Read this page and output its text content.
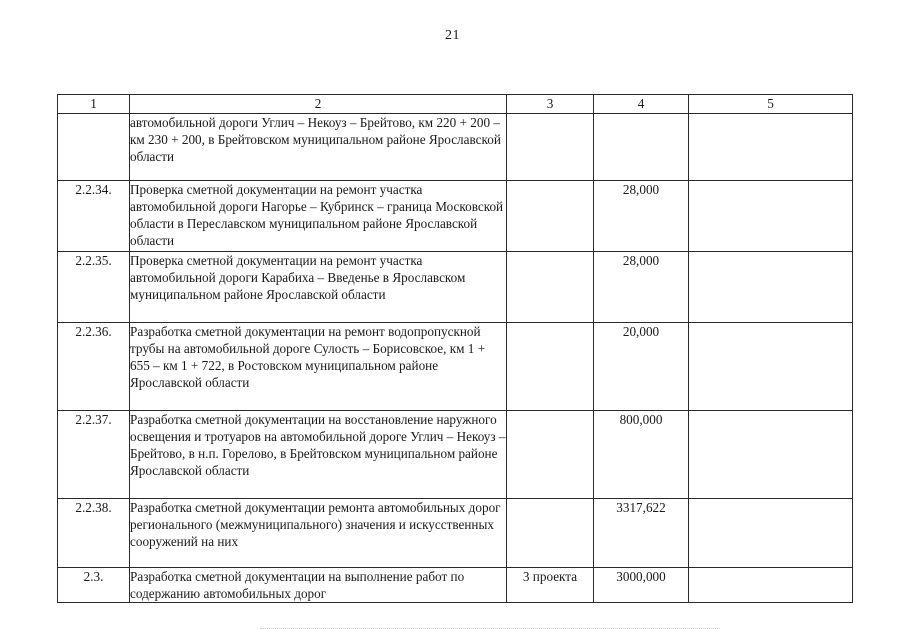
21
1	2	3	4	5
	автомобильной дороги Углич – Некоуз – Брейтово, км 220 + 200 – км 230 + 200, в Брейтовском муниципальном районе Ярославской области			
2.2.34.	Проверка сметной документации на ремонт участка автомобильной дороги Нагорье – Кубринск – граница Московской области в Переславском муниципальном районе Ярославской области		28,000	
2.2.35.	Проверка сметной документации на ремонт участка автомобильной дороги Карабиха – Введенье в Ярославском муниципальном районе Ярославской области		28,000	
2.2.36.	Разработка сметной документации на ремонт водопропускной трубы на автомобильной дороге Сулость – Борисовское, км 1 + 655 – км 1 + 722, в Ростовском муниципальном районе Ярославской области		20,000	
2.2.37.	Разработка сметной документации на восстановление наружного освещения и тротуаров на автомобильной дороге Углич – Некоуз – Брейтово, в н.п. Горелово, в Брейтовском муниципальном районе Ярославской области		800,000	
2.2.38.	Разработка сметной документации ремонта автомобильных дорог регионального (межмуниципального) значения и искусственных сооружений на них		3317,622	
2.3.	Разработка сметной документации на выполнение работ по содержанию автомобильных дорог	3 проекта	3000,000	
